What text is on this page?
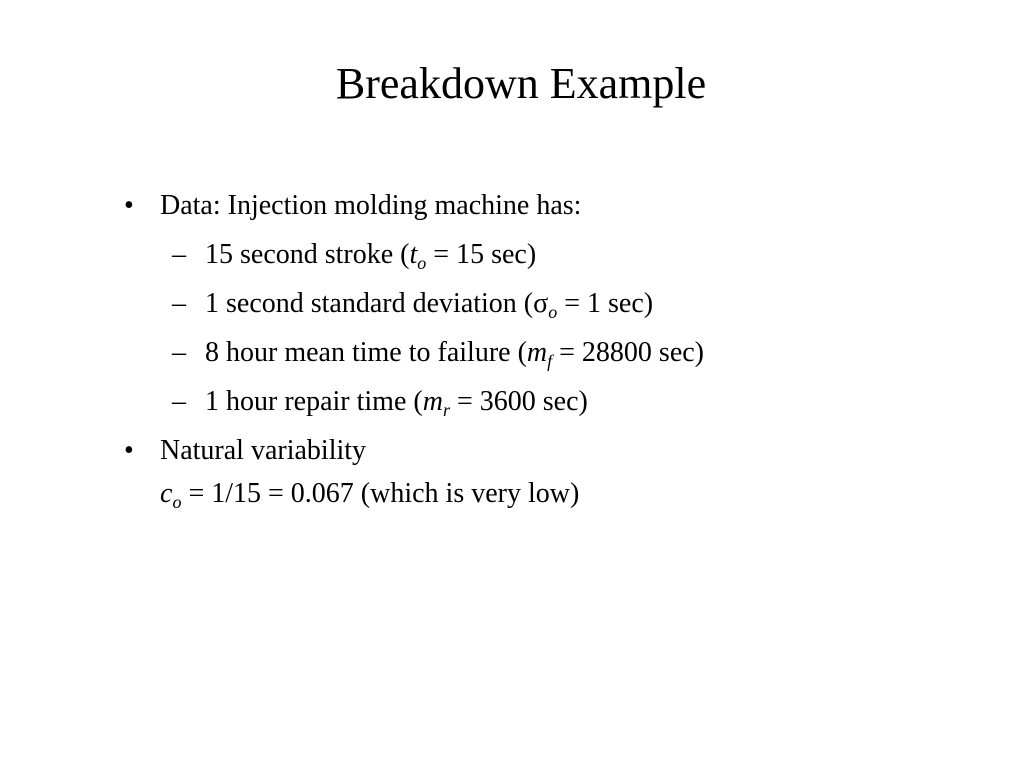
Breakdown Example
• Data: Injection molding machine has:
– 15 second stroke ($t_o = 15$ sec)
– 1 second standard deviation ($\sigma_o = 1$ sec)
– 8 hour mean time to failure ($m_f = 28800$ sec)
– 1 hour repair time ($m_r = 3600$ sec)
• Natural variability
$c_o = 1/15 = 0.067$ (which is very low)
